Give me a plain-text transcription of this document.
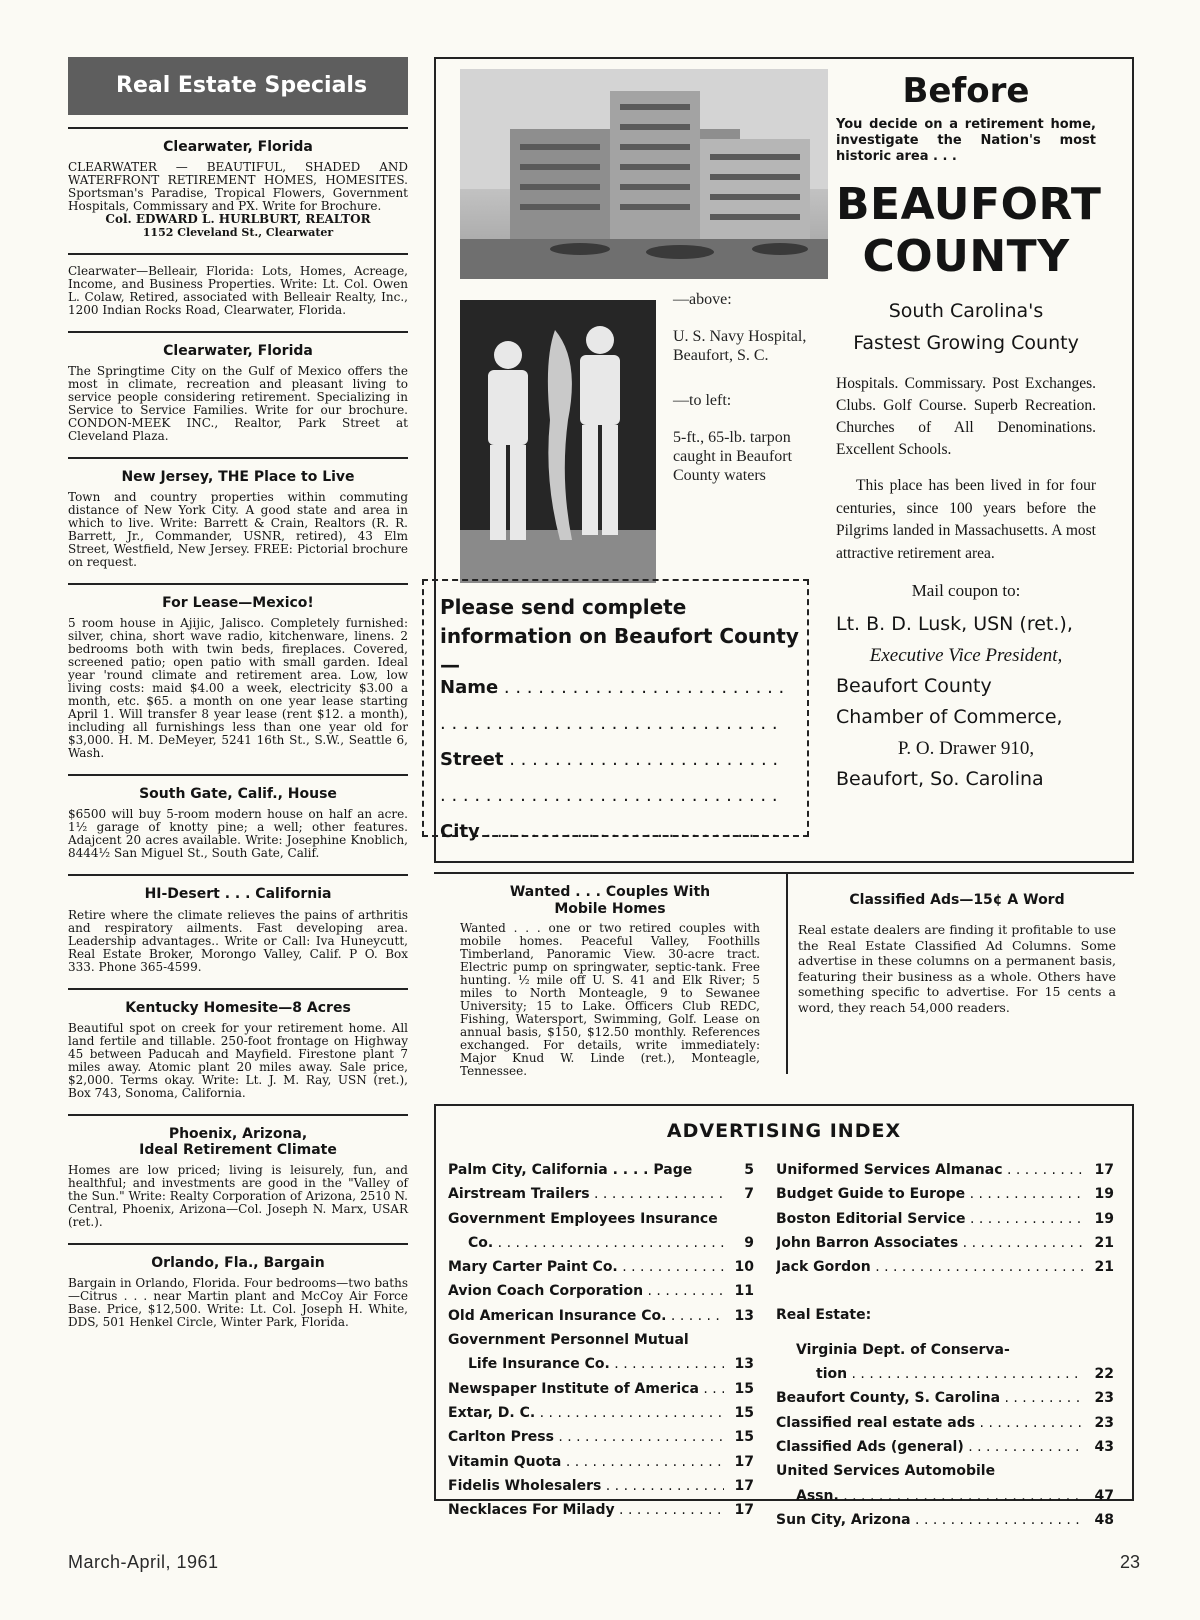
Real Estate Specials
Clearwater, Florida
CLEARWATER — BEAUTIFUL, SHADED AND WATERFRONT RETIREMENT HOMES, HOMESITES. Sportsman's Paradise, Tropical Flowers, Government Hospitals, Commissary and PX. Write for Brochure.
Col. EDWARD L. HURLBURT, REALTOR
1152 Cleveland St., Clearwater
Clearwater—Belleair, Florida: Lots, Homes, Acreage, Income, and Business Properties. Write: Lt. Col. Owen L. Colaw, Retired, associated with Belleair Realty, Inc., 1200 Indian Rocks Road, Clearwater, Florida.
Clearwater, Florida
The Springtime City on the Gulf of Mexico offers the most in climate, recreation and pleasant living to service people considering retirement. Specializing in Service to Service Families. Write for our brochure. CONDON-MEEK INC., Realtor, Park Street at Cleveland Plaza.
New Jersey, THE Place to Live
Town and country properties within commuting distance of New York City. A good state and area in which to live. Write: Barrett & Crain, Realtors (R. R. Barrett, Jr., Commander, USNR, retired), 43 Elm Street, Westfield, New Jersey. FREE: Pictorial brochure on request.
For Lease—Mexico!
5 room house in Ajijic, Jalisco. Completely furnished: silver, china, short wave radio, kitchenware, linens. 2 bedrooms both with twin beds, fireplaces. Covered, screened patio; open patio with small garden. Ideal year 'round climate and retirement area. Low, low living costs: maid $4.00 a week, electricity $3.00 a month, etc. $65. a month on one year lease starting April 1. Will transfer 8 year lease (rent $12. a month), including all furnishings less than one year old for $3,000. H. M. DeMeyer, 5241 16th St., S.W., Seattle 6, Wash.
South Gate, Calif., House
$6500 will buy 5-room modern house on half an acre. 1½ garage of knotty pine; a well; other features. Adajcent 20 acres available. Write: Josephine Knoblich, 8444½ San Miguel St., South Gate, Calif.
HI-Desert . . . California
Retire where the climate relieves the pains of arthritis and respiratory ailments. Fast developing area. Leadership advantages.. Write or Call: Iva Huneycutt, Real Estate Broker, Morongo Valley, Calif. P O. Box 333. Phone 365-4599.
Kentucky Homesite—8 Acres
Beautiful spot on creek for your retirement home. All land fertile and tillable. 250-foot frontage on Highway 45 between Paducah and Mayfield. Firestone plant 7 miles away. Atomic plant 20 miles away. Sale price, $2,000. Terms okay. Write: Lt. J. M. Ray, USN (ret.), Box 743, Sonoma, California.
Phoenix, Arizona,
Ideal Retirement Climate
Homes are low priced; living is leisurely, fun, and healthful; and investments are good in the "Valley of the Sun." Write: Realty Corporation of Arizona, 2510 N. Central, Phoenix, Arizona—Col. Joseph N. Marx, USAR (ret.).
Orlando, Fla., Bargain
Bargain in Orlando, Florida. Four bedrooms—two baths—Citrus . . . near Martin plant and McCoy Air Force Base. Price, $12,500. Write: Lt. Col. Joseph H. White, DDS, 501 Henkel Circle, Winter Park, Florida.

—above:

U. S. Navy Hospital, Beaufort, S. C.

—to left:

5-ft., 65-lb. tarpon caught in Beaufort County waters

Please send complete information on Beaufort County—
Name . . .
. . .
Street . . .
. . .
City . . .
Before
You decide on a retirement home, investigate the Nation's most historic area . . .
BEAUFORT
COUNTY
South Carolina's
Fastest Growing County
Hospitals. Commissary. Post Exchanges. Clubs. Golf Course. Superb Recreation. Churches of All Denominations. Excellent Schools.
This place has been lived in for four centuries, since 100 years before the Pilgrims landed in Massachusetts. A most attractive retirement area.
Mail coupon to:
Lt. B. D. Lusk, USN (ret.),
Executive Vice President,
Beaufort County
Chamber of Commerce,
P. O. Drawer 910,
Beaufort, So. Carolina
Wanted . . . Couples With
Mobile Homes
Wanted . . . one or two retired couples with mobile homes. Peaceful Valley, Foothills Timberland, Panoramic View. 30-acre tract. Electric pump on springwater, septic-tank. Free hunting. ½ mile off U. S. 41 and Elk River; 5 miles to North Monteagle, 9 to Sewanee University; 15 to Lake. Officers Club REDC, Fishing, Watersport, Swimming, Golf. Lease on annual basis, $150, $12.50 monthly. References exchanged. For details, write immediately: Major Knud W. Linde (ret.), Monteagle, Tennessee.
Classified Ads—15¢ A Word
Real estate dealers are finding it profitable to use the Real Estate Classified Ad Columns. Some advertise in these columns on a permanent basis, featuring their business as a whole. Others have something specific to advertise. For 15 cents a word, they reach 54,000 readers.
ADVERTISING INDEX
Palm City, California . . . . Page	5
Airstream Trailers . . .	7
Government Employees Insurance
Co. . . .	9
Mary Carter Paint Co. . . .	10
Avion Coach Corporation . . .	11
Old American Insurance Co. . . .	13
Government Personnel Mutual
Life Insurance Co. . . .	13
Newspaper Institute of America . . .	15
Extar, D. C. . . .	15
Carlton Press . . .	15
Vitamin Quota . . .	17
Fidelis Wholesalers . . .	17
Necklaces For Milady . . .	17
Uniformed Services Almanac . . .	17
Budget Guide to Europe . . .	19
Boston Editorial Service . . .	19
John Barron Associates . . .	21
Jack Gordon . . .	21
Real Estate:
Virginia Dept. of Conserva-
tion . . .	22
Beaufort County, S. Carolina . . .	23
Classified real estate ads . . .	23
Classified Ads (general) . . .	43
United Services Automobile
Assn. . . .	47
Sun City, Arizona . . .	48
March-April, 1961	23
